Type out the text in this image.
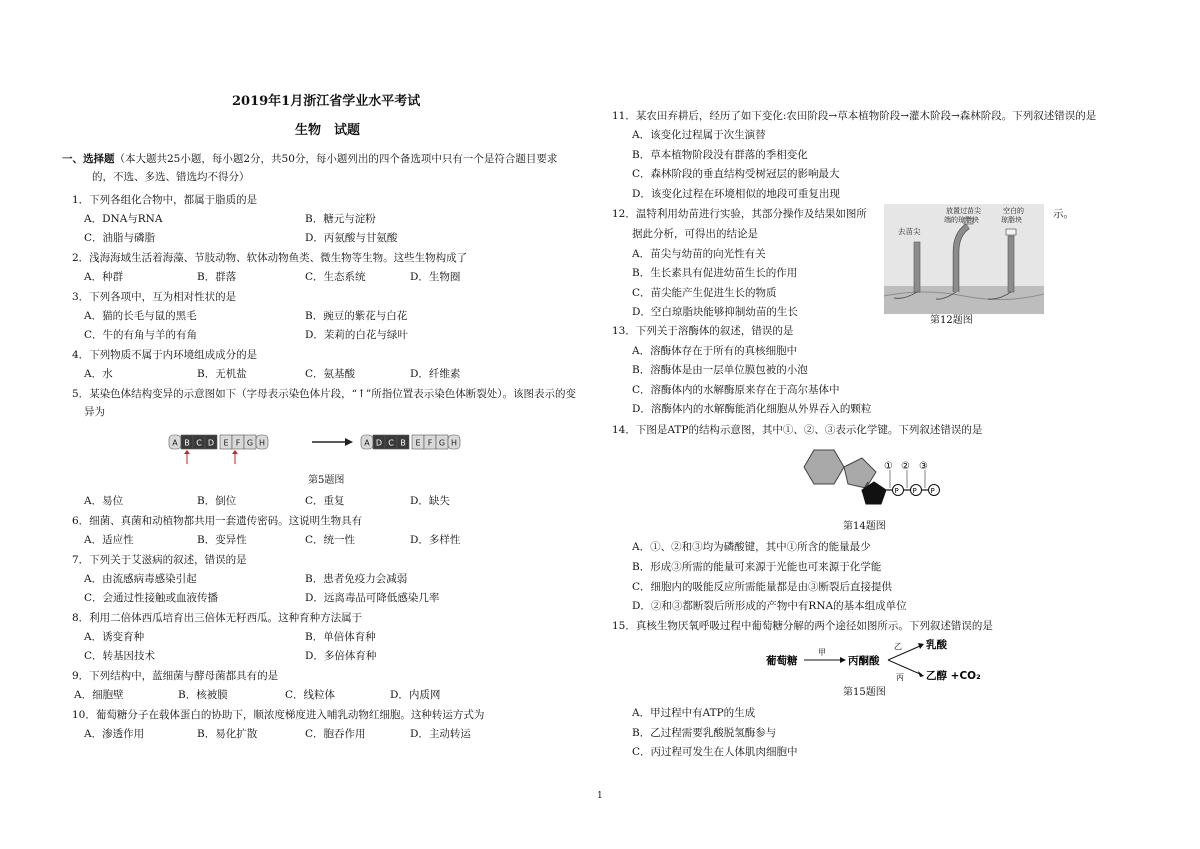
2019年1月浙江省学业水平考试
生物　试题
一、选择题（本大题共25小题，每小题2分，共50分，每小题列出的四个备选项中只有一个是符合题目要求
的，不选、多选、错选均不得分）
1．下列各组化合物中，都属于脂质的是
A．DNA与RNA	B．糖元与淀粉
C．油脂与磷脂	D．丙氨酸与甘氨酸
2．浅海海域生活着海藻、节肢动物、软体动物鱼类、微生物等生物。这些生物构成了
A．种群	B．群落	C．生态系统	D．生物圈
3．下列各项中，互为相对性状的是
A．猫的长毛与鼠的黑毛	B．豌豆的紫花与白花
C．牛的有角与羊的有角	D．茉莉的白花与绿叶
4．下列物质不属于内环境组成成分的是
A．水	B．无机盐	C．氨基酸	D．纤维素
5．某染色体结构变异的示意图如下（字母表示染色体片段，“↑”所指位置表示染色体断裂处）。该图表示的变
异为
A B C D E F G H	A D C B E F G H
第5题图
A．易位	B．倒位	C．重复	D．缺失
6．细菌、真菌和动植物都共用一套遗传密码。这说明生物具有
A．适应性	B．变异性	C．统一性	D．多样性
7．下列关于艾滋病的叙述，错误的是
A．由流感病毒感染引起	B．患者免疫力会减弱
C．会通过性接触或血液传播	D．远离毒品可降低感染几率
8．利用二倍体西瓜培育出三倍体无籽西瓜。这种育种方法属于
A．诱变育种	B．单倍体育种
C．转基因技术	D．多倍体育种
9．下列结构中，蓝细菌与酵母菌都具有的是
A．细胞壁	B．核被膜	C．线粒体	D．内质网
10．葡萄糖分子在载体蛋白的协助下，顺浓度梯度进入哺乳动物红细胞。这种转运方式为
A．渗透作用	B．易化扩散	C．胞吞作用	D．主动转运
11．某农田弃耕后，经历了如下变化:农田阶段→草本植物阶段→灌木阶段→森林阶段。下列叙述错误的是
A．该变化过程属于次生演替
B．草本植物阶段没有群落的季相变化
C．森林阶段的垂直结构受树冠层的影响最大
D．该变化过程在环境相似的地段可重复出现
12．温特利用幼苗进行实验，其部分操作及结果如图所	示。
据此分析，可得出的结论是
A．苗尖与幼苗的向光性有关
B．生长素具有促进幼苗生长的作用
C．苗尖能产生促进生长的物质
D．空白琼脂块能够抑制幼苗的生长
去苗尖
放置过苗尖
端的琼脂块
空白的
琼脂块
第12题图
13．下列关于溶酶体的叙述，错误的是
A．溶酶体存在于所有的真核细胞中
B．溶酶体是由一层单位膜包被的小泡
C．溶酶体内的水解酶原来存在于高尔基体中
D．溶酶体内的水解酶能消化细胞从外界吞入的颗粒
14．下图是ATP的结构示意图，其中①、②、③表示化学键。下列叙述错误的是
P P P
① ② ③
第14题图
A．①、②和③均为磷酸键，其中①所含的能量最少
B．形成③所需的能量可来源于光能也可来源于化学能
C．细胞内的吸能反应所需能量都是由③断裂后直接提供
D．②和③都断裂后所形成的产物中有RNA的基本组成单位
15．真核生物厌氧呼吸过程中葡萄糖分解的两个途径如图所示。下列叙述错误的是
葡萄糖
甲
丙酮酸
乙
丙
乳酸
乙醇 +CO₂
第15题图
A．甲过程中有ATP的生成
B．乙过程需要乳酸脱氢酶参与
C．丙过程可发生在人体肌肉细胞中
1
